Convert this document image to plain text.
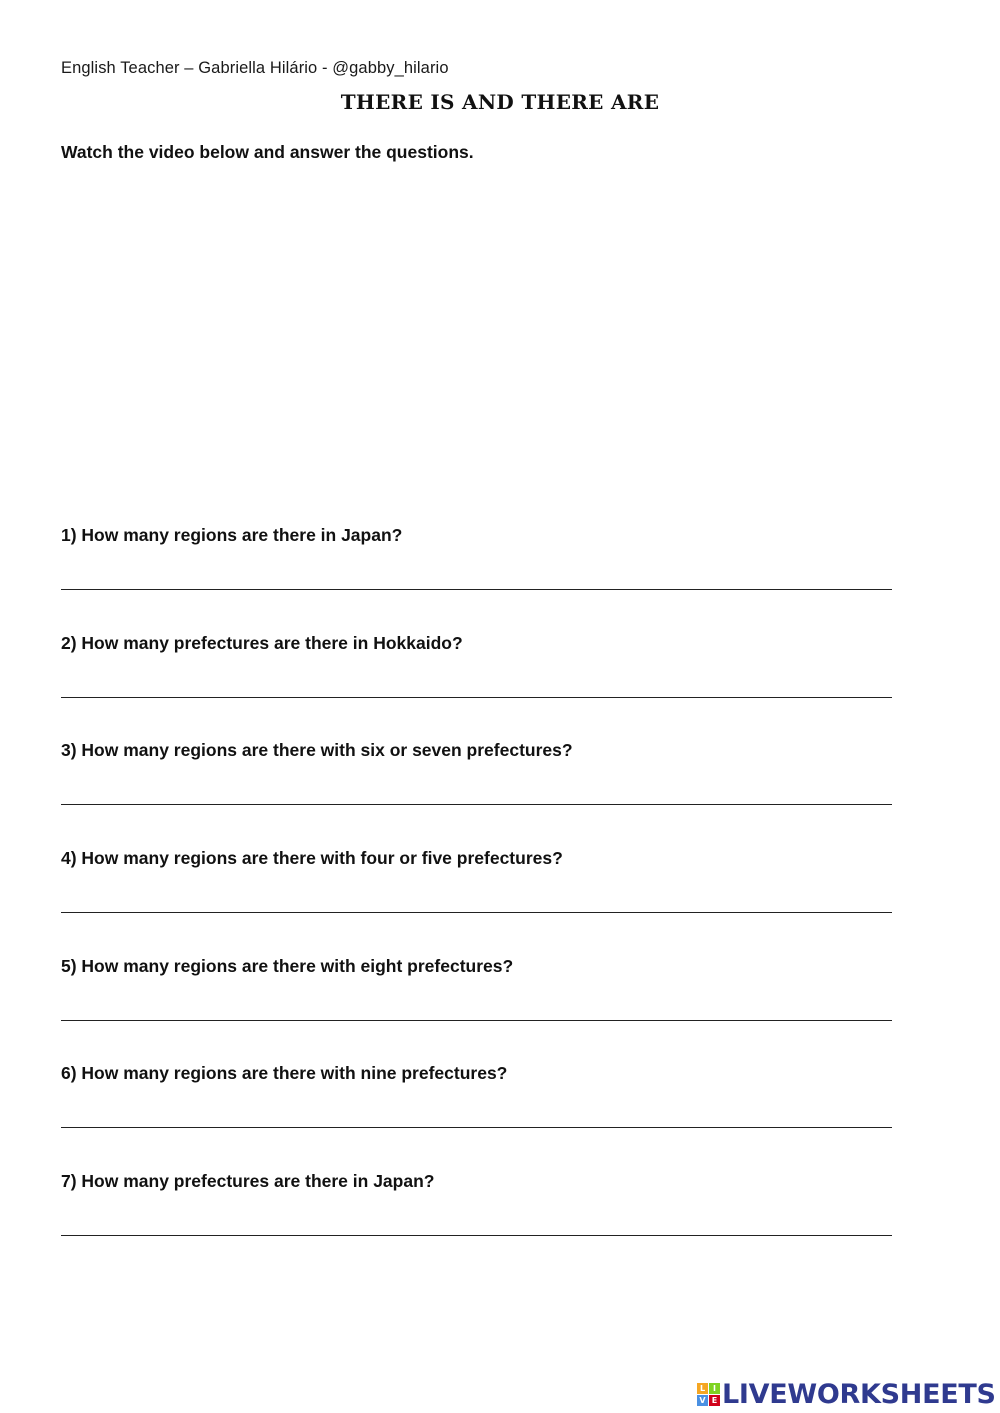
English Teacher – Gabriella Hilário - @gabby_hilario
THERE IS AND THERE ARE
Watch the video below and answer the questions.
1) How many regions are there in Japan?
2) How many prefectures are there in Hokkaido?
3) How many regions are there with six or seven prefectures?
4) How many regions are there with four or five prefectures?
5) How many regions are there with eight prefectures?
6) How many regions are there with nine prefectures?
7) How many prefectures are there in Japan?
L I
V E LIVEWORKSHEETS
